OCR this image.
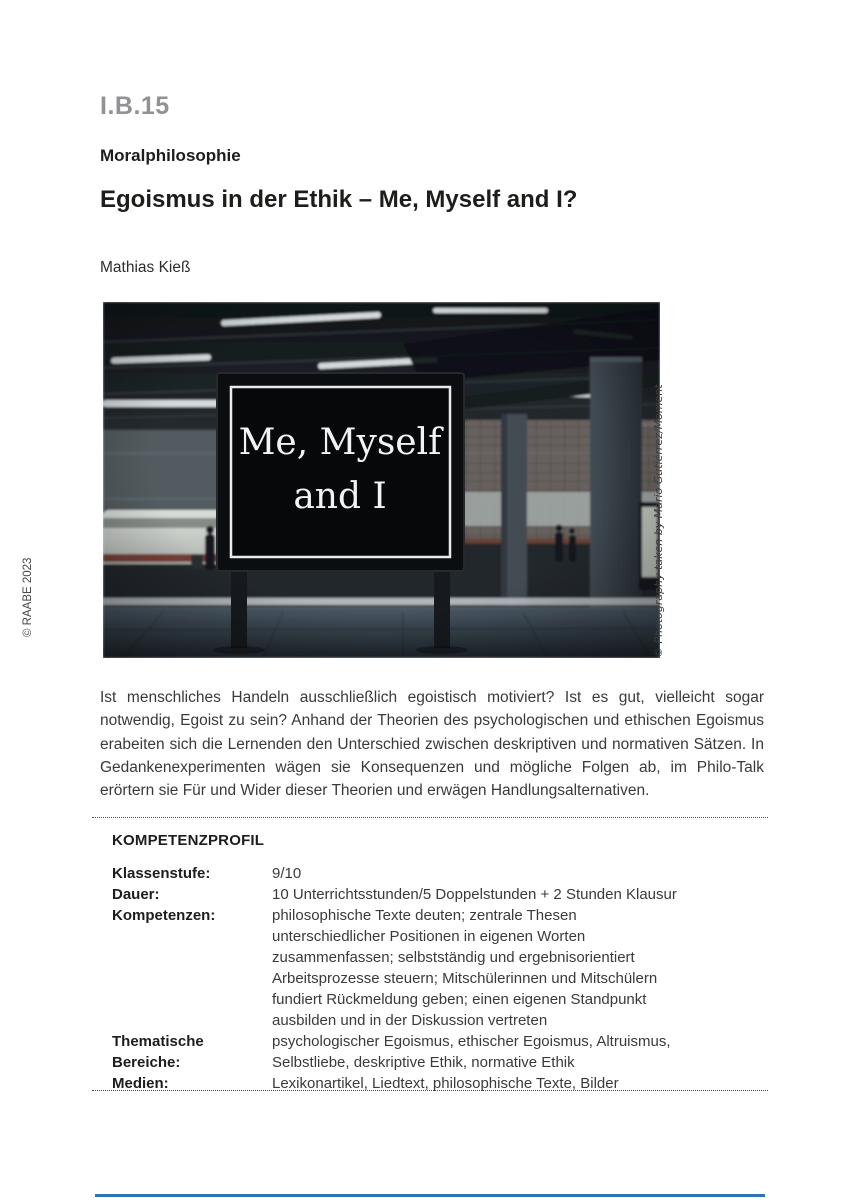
© RAABE 2023
I.B.15
Moralphilosophie
Egoismus in der Ethik – Me, Myself and I?
Mathias Kieß
© Photography taken by Mario Gutiérrez/Moment

Ist menschliches Handeln ausschließlich egoistisch motiviert? Ist es gut, vielleicht sogar notwendig, Egoist zu sein? Anhand der Theorien des psychologischen und ethischen Egoismus erabeiten sich die Lernenden den Unterschied zwischen deskriptiven und normativen Sätzen. In Gedankenexperimenten wägen sie Konsequenzen und mögliche Folgen ab, im Philo-Talk erörtern sie Für und Wider dieser Theorien und erwägen Handlungsalternativen.

KOMPETENZPROFIL
Klassenstufe:	9/10
Dauer:	10 Unterrichtsstunden/5 Doppelstunden + 2 Stunden Klausur
Kompetenzen:	philosophische Texte deuten; zentrale Thesen unterschiedlicher Positionen in eigenen Worten zusammenfassen; selbstständig und ergebnisorientiert Arbeitsprozesse steuern; Mitschülerinnen und Mitschülern fundiert Rückmeldung geben; einen eigenen Standpunkt ausbilden und in der Diskussion vertreten
Thematische Bereiche:
psychologischer Egoismus, ethischer Egoismus, Altruismus, Selbstliebe, deskriptive Ethik, normative Ethik
Medien:	Lexikonartikel, Liedtext, philosophische Texte, Bilder
